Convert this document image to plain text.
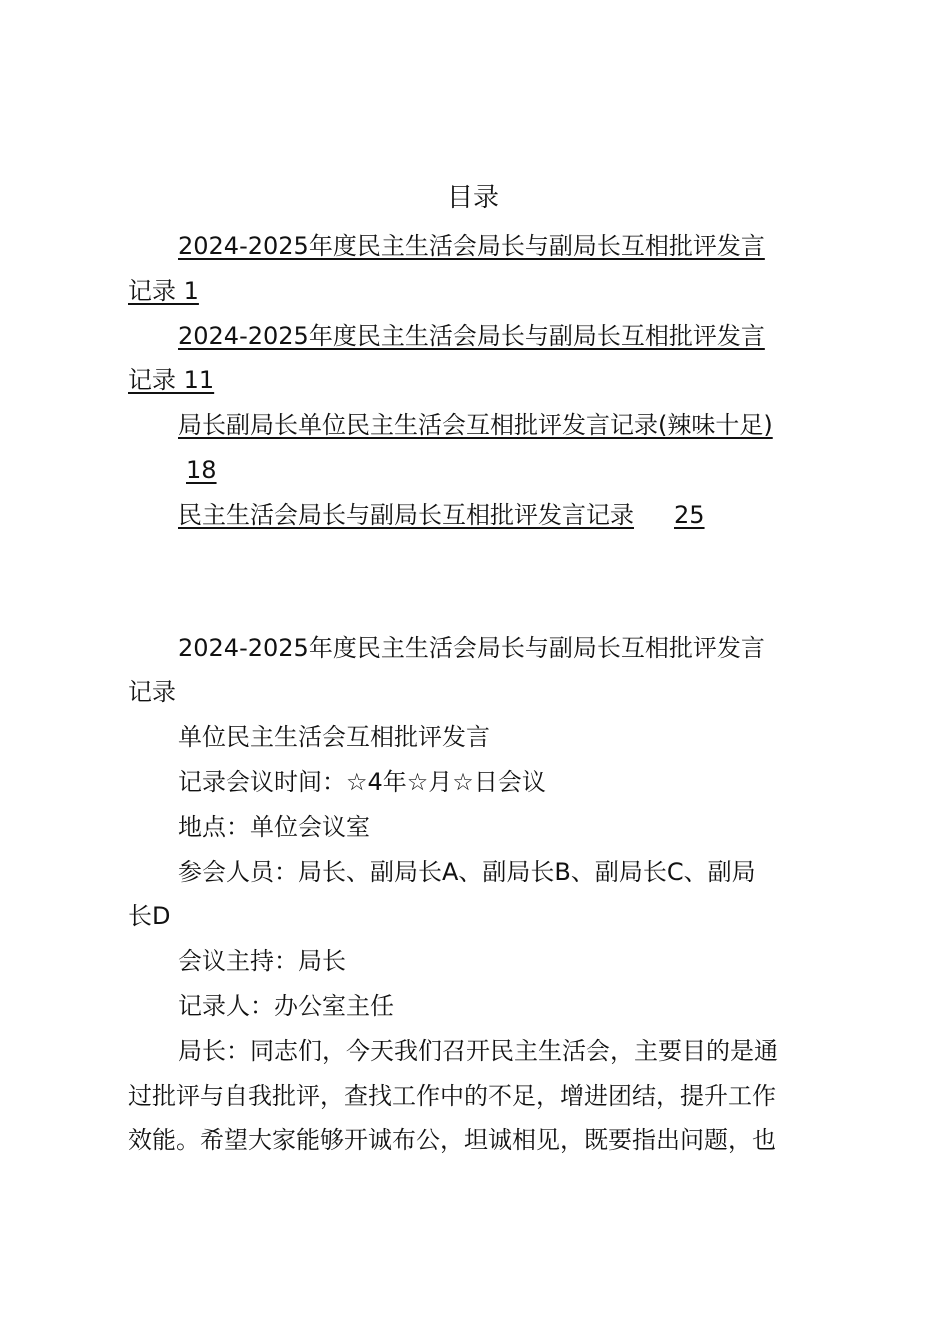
目录

2024-2025年度民主生活会局长与副局长互相批评发言

记录 1

2024-2025年度民主生活会局长与副局长互相批评发言

记录 11

局长副局长单位民主生活会互相批评发言记录(辣味十足)

18

民主生活会局长与副局长互相批评发言记录 25

2024-2025年度民主生活会局长与副局长互相批评发言

记录

单位民主生活会互相批评发言

记录会议时间：☆4年☆月☆日会议

地点：单位会议室

参会人员：局长、副局长A、副局长B、副局长C、副局

长D

会议主持：局长

记录人：办公室主任

局长：同志们，今天我们召开民主生活会，主要目的是通

过批评与自我批评，查找工作中的不足，增进团结，提升工作

效能。希望大家能够开诚布公，坦诚相见，既要指出问题，也
